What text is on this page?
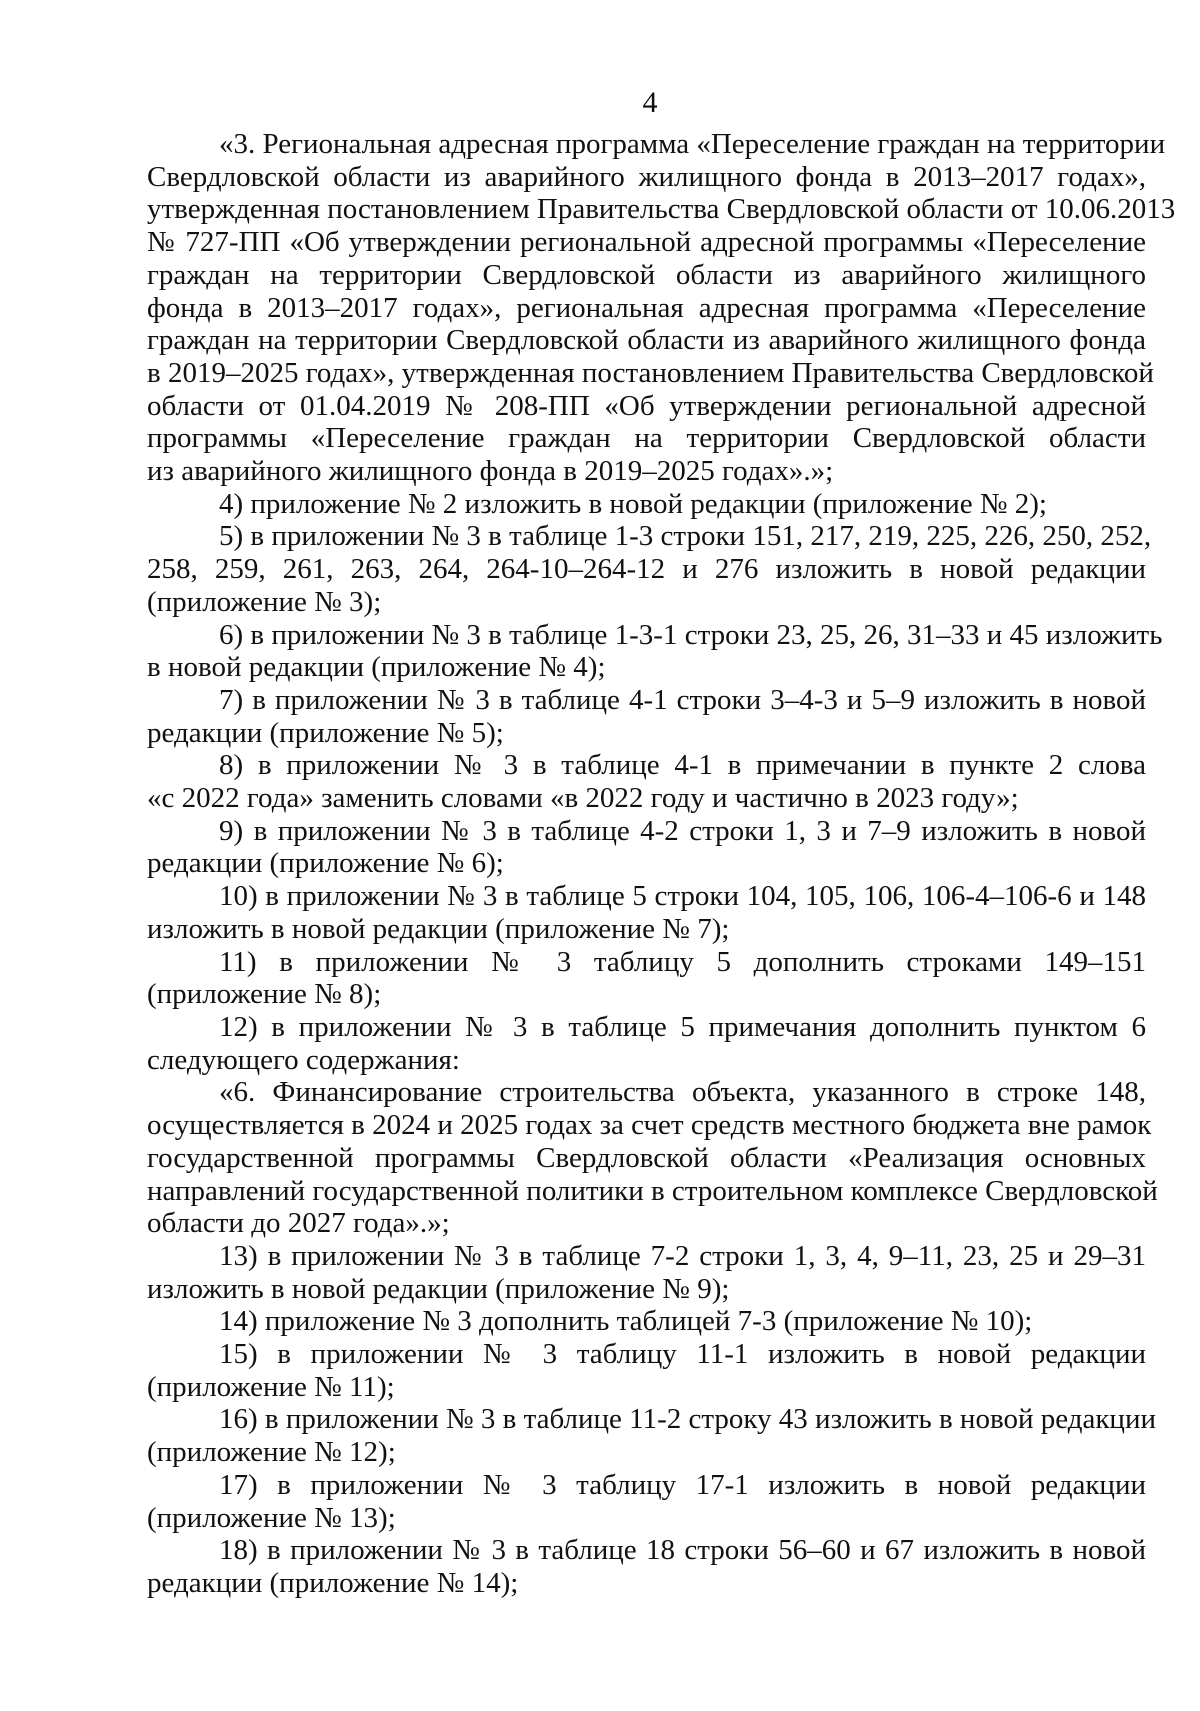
4
«3. Региональная адресная программа «Переселение граждан на территории
Свердловской области из аварийного жилищного фонда в 2013–2017 годах»,
утвержденная постановлением Правительства Свердловской области от 10.06.2013
№ 727-ПП «Об утверждении региональной адресной программы «Переселение
граждан на территории Свердловской области из аварийного жилищного
фонда в 2013–2017 годах», региональная адресная программа «Переселение
граждан на территории Свердловской области из аварийного жилищного фонда
в 2019–2025 годах», утвержденная постановлением Правительства Свердловской
области от 01.04.2019 № 208-ПП «Об утверждении региональной адресной
программы «Переселение граждан на территории Свердловской области
из аварийного жилищного фонда в 2019–2025 годах».»;
4) приложение № 2 изложить в новой редакции (приложение № 2);
5) в приложении № 3 в таблице 1-3 строки 151, 217, 219, 225, 226, 250, 252,
258, 259, 261, 263, 264, 264-10–264-12 и 276 изложить в новой редакции
(приложение № 3);
6) в приложении № 3 в таблице 1-3-1 строки 23, 25, 26, 31–33 и 45 изложить
в новой редакции (приложение № 4);
7) в приложении № 3 в таблице 4-1 строки 3–4-3 и 5–9 изложить в новой
редакции (приложение № 5);
8) в приложении № 3 в таблице 4-1 в примечании в пункте 2 слова
«с 2022 года» заменить словами «в 2022 году и частично в 2023 году»;
9) в приложении № 3 в таблице 4-2 строки 1, 3 и 7–9 изложить в новой
редакции (приложение № 6);
10) в приложении № 3 в таблице 5 строки 104, 105, 106, 106-4–106-6 и 148
изложить в новой редакции (приложение № 7);
11) в приложении № 3 таблицу 5 дополнить строками 149–151
(приложение № 8);
12) в приложении № 3 в таблице 5 примечания дополнить пунктом 6
следующего содержания:
«6. Финансирование строительства объекта, указанного в строке 148,
осуществляется в 2024 и 2025 годах за счет средств местного бюджета вне рамок
государственной программы Свердловской области «Реализация основных
направлений государственной политики в строительном комплексе Свердловской
области до 2027 года».»;
13) в приложении № 3 в таблице 7-2 строки 1, 3, 4, 9–11, 23, 25 и 29–31
изложить в новой редакции (приложение № 9);
14) приложение № 3 дополнить таблицей 7-3 (приложение № 10);
15) в приложении № 3 таблицу 11-1 изложить в новой редакции
(приложение № 11);
16) в приложении № 3 в таблице 11-2 строку 43 изложить в новой редакции
(приложение № 12);
17) в приложении № 3 таблицу 17-1 изложить в новой редакции
(приложение № 13);
18) в приложении № 3 в таблице 18 строки 56–60 и 67 изложить в новой
редакции (приложение № 14);
